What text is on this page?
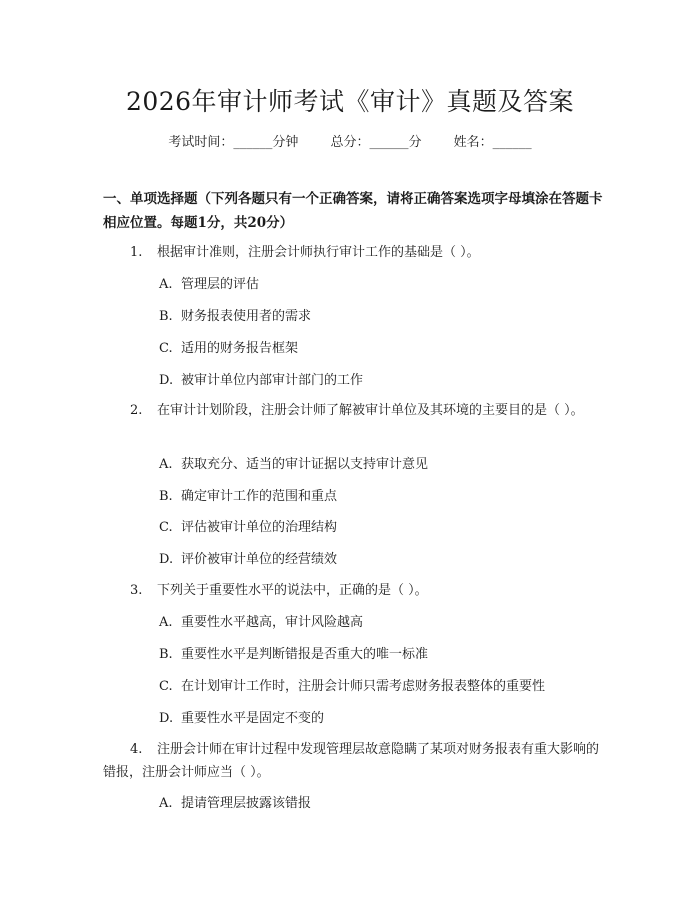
2026年审计师考试《审计》真题及答案
考试时间：______分钟 总分：______分 姓名：______
一、单项选择题（下列各题只有一个正确答案，请将正确答案选项字母填涂在答题卡相应位置。每题1分，共20分）
1. 根据审计准则，注册会计师执行审计工作的基础是（ ）。
A. 管理层的评估
B. 财务报表使用者的需求
C. 适用的财务报告框架
D. 被审计单位内部审计部门的工作
2. 在审计计划阶段，注册会计师了解被审计单位及其环境的主要目的是（ ）。
A. 获取充分、适当的审计证据以支持审计意见
B. 确定审计工作的范围和重点
C. 评估被审计单位的治理结构
D. 评价被审计单位的经营绩效
3. 下列关于重要性水平的说法中，正确的是（ ）。
A. 重要性水平越高，审计风险越高
B. 重要性水平是判断错报是否重大的唯一标准
C. 在计划审计工作时，注册会计师只需考虑财务报表整体的重要性
D. 重要性水平是固定不变的
4. 注册会计师在审计过程中发现管理层故意隐瞒了某项对财务报表有重大影响的错报，注册会计师应当（ ）。
A. 提请管理层披露该错报
